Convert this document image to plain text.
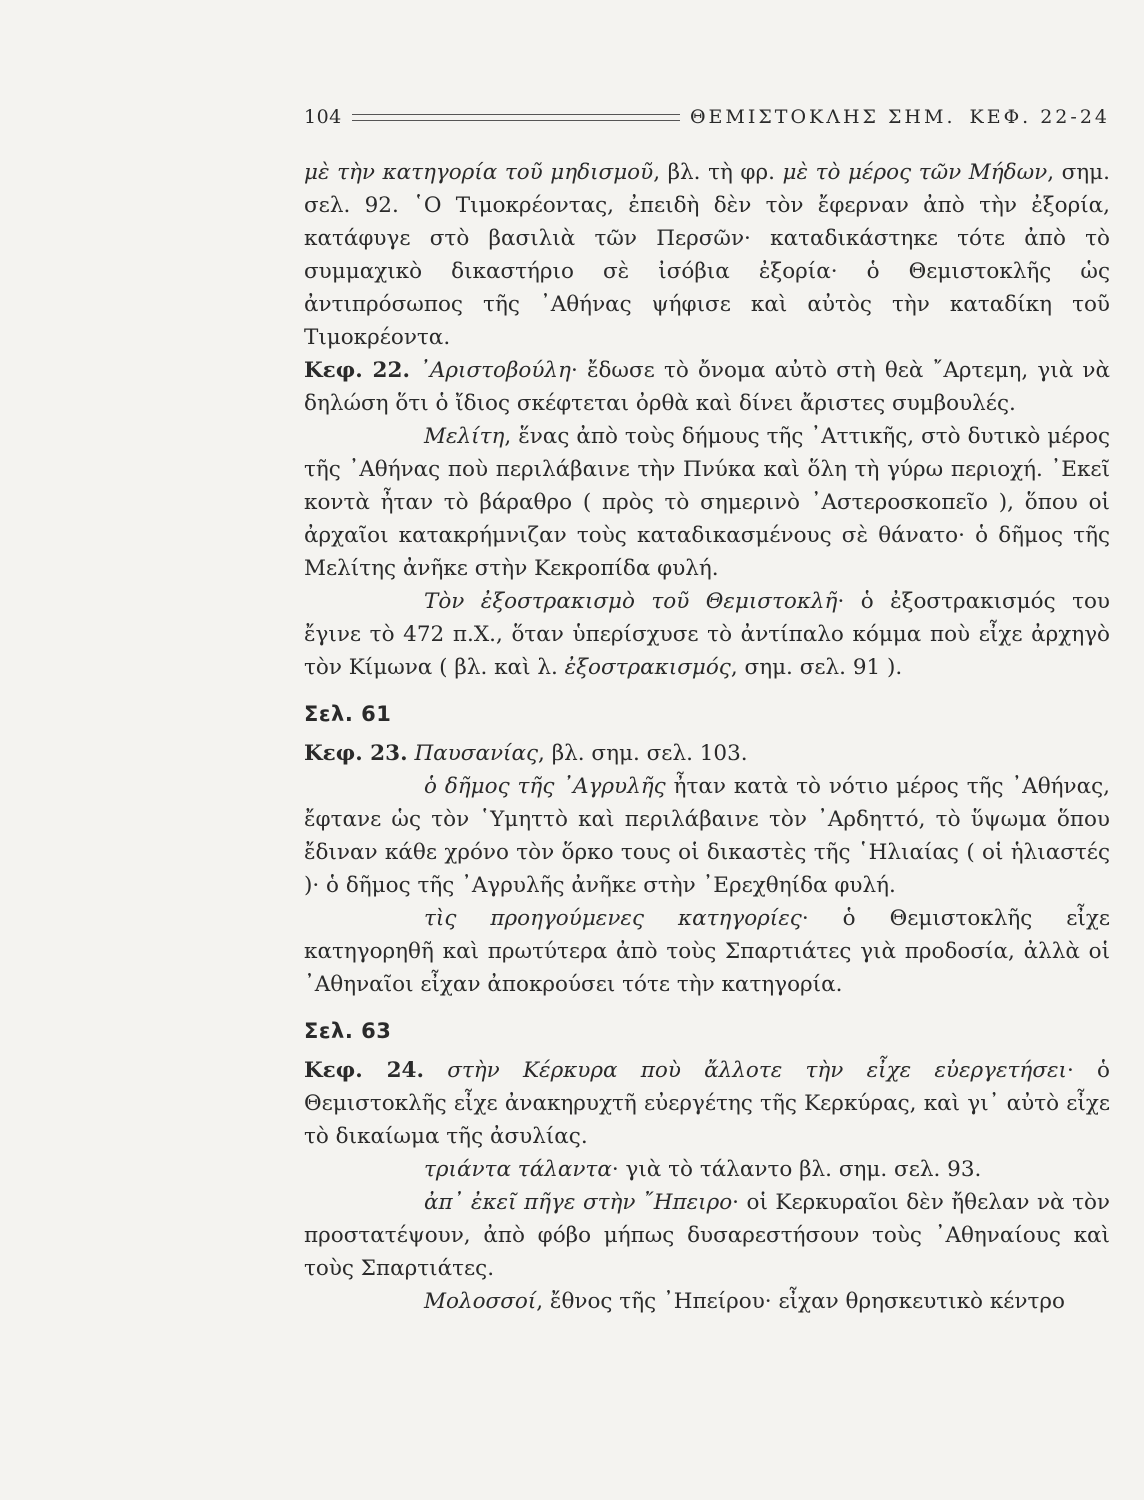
104	ΘΕΜΙΣΤΟΚΛΗΣ ΣΗΜ. ΚΕΦ. 22-24

μὲ τὴν κατηγορία τοῦ μηδισμοῦ, βλ. τὴ φρ. μὲ τὸ μέρος τῶν Μήδων, σημ. σελ. 92. ῾Ο Τιμοκρέοντας, ἐπειδὴ δὲν τὸν ἔφερναν ἀπὸ τὴν ἐξορία, κατάφυγε στὸ βασιλιὰ τῶν Περσῶν· καταδικάστηκε τότε ἀπὸ τὸ συμμαχικὸ δικαστήριο σὲ ἰσόβια ἐξορία· ὁ Θεμιστοκλῆς ὡς ἀντιπρόσωπος τῆς ᾿Αθήνας ψήφισε καὶ αὐτὸς τὴν καταδίκη τοῦ Τιμοκρέοντα.

Κεφ. 22. ᾿Αριστοβούλη· ἔδωσε τὸ ὄνομα αὐτὸ στὴ θεὰ ῎Αρτεμη, γιὰ νὰ δηλώση ὅτι ὁ ἴδιος σκέφτεται ὀρθὰ καὶ δίνει ἄριστες συμβουλές.

Μελίτη, ἕνας ἀπὸ τοὺς δήμους τῆς ᾿Αττικῆς, στὸ δυτικὸ μέρος τῆς ᾿Αθήνας ποὺ περιλάβαινε τὴν Πνύκα καὶ ὅλη τὴ γύρω περιοχή. ᾿Εκεῖ κοντὰ ἦταν τὸ βάραθρο ( πρὸς τὸ σημερινὸ ᾿Αστεροσκοπεῖο ), ὅπου οἱ ἀρχαῖοι κατακρήμνιζαν τοὺς καταδικασμένους σὲ θάνατο· ὁ δῆμος τῆς Μελίτης ἀνῆκε στὴν Κεκροπίδα φυλή.

Τὸν ἐξοστρακισμὸ τοῦ Θεμιστοκλῆ· ὁ ἐξοστρακισμός του ἔγινε τὸ 472 π.Χ., ὅταν ὑπερίσχυσε τὸ ἀντίπαλο κόμμα ποὺ εἶχε ἀρχηγὸ τὸν Κίμωνα ( βλ. καὶ λ. ἐξοστρακισμός, σημ. σελ. 91 ).

Σελ. 61

Κεφ. 23. Παυσανίας, βλ. σημ. σελ. 103.

ὁ δῆμος τῆς ᾿Αγρυλῆς ἦταν κατὰ τὸ νότιο μέρος τῆς ᾿Αθήνας, ἔφτανε ὡς τὸν ῾Υμηττὸ καὶ περιλάβαινε τὸν ᾿Αρδηττό, τὸ ὕψωμα ὅπου ἔδιναν κάθε χρόνο τὸν ὅρκο τους οἱ δικαστὲς τῆς ῾Ηλιαίας ( οἱ ἡλιαστές )· ὁ δῆμος τῆς ᾿Αγρυλῆς ἀνῆκε στὴν ᾿Ερεχθηίδα φυλή.

τὶς προηγούμενες κατηγορίες· ὁ Θεμιστοκλῆς εἶχε κατηγορηθῆ καὶ πρωτύτερα ἀπὸ τοὺς Σπαρτιάτες γιὰ προδοσία, ἀλλὰ οἱ ᾿Αθηναῖοι εἶχαν ἀποκρούσει τότε τὴν κατηγορία.

Σελ. 63

Κεφ. 24. στὴν Κέρκυρα ποὺ ἄλλοτε τὴν εἶχε εὐεργετήσει· ὁ Θεμιστοκλῆς εἶχε ἀνακηρυχτῆ εὐεργέτης τῆς Κερκύρας, καὶ γι᾿ αὐτὸ εἶχε τὸ δικαίωμα τῆς ἀσυλίας.

τριάντα τάλαντα· γιὰ τὸ τάλαντο βλ. σημ. σελ. 93.

ἀπ᾿ ἐκεῖ πῆγε στὴν ῎Ηπειρο· οἱ Κερκυραῖοι δὲν ἤθελαν νὰ τὸν προστατέψουν, ἀπὸ φόβο μήπως δυσαρεστήσουν τοὺς ᾿Αθηναίους καὶ τοὺς Σπαρτιάτες.

Μολοσσοί, ἔθνος τῆς ᾿Ηπείρου· εἶχαν θρησκευτικὸ κέντρο
